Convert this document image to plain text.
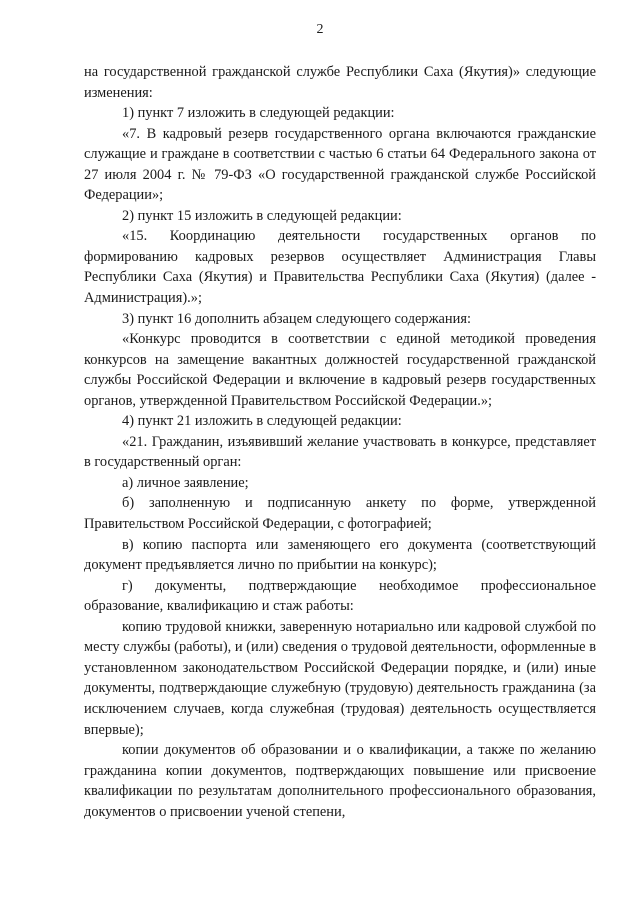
2

на государственной гражданской службе Республики Саха (Якутия)» следующие изменения:

1) пункт 7 изложить в следующей редакции:

«7. В кадровый резерв государственного органа включаются гражданские служащие и граждане в соответствии с частью 6 статьи 64 Федерального закона от 27 июля 2004 г. № 79-ФЗ «О государственной гражданской службе Российской Федерации»;

2) пункт 15 изложить в следующей редакции:

«15. Координацию деятельности государственных органов по формированию кадровых резервов осуществляет Администрация Главы Республики Саха (Якутия) и Правительства Республики Саха (Якутия) (далее - Администрация).»;

3) пункт 16 дополнить абзацем следующего содержания:

«Конкурс проводится в соответствии с единой методикой проведения конкурсов на замещение вакантных должностей государственной гражданской службы Российской Федерации и включение в кадровый резерв государственных органов, утвержденной Правительством Российской Федерации.»;

4) пункт 21 изложить в следующей редакции:

«21. Гражданин, изъявивший желание участвовать в конкурсе, представляет в государственный орган:

а) личное заявление;

б) заполненную и подписанную анкету по форме, утвержденной Правительством Российской Федерации, с фотографией;

в) копию паспорта или заменяющего его документа (соответствующий документ предъявляется лично по прибытии на конкурс);

г) документы, подтверждающие необходимое профессиональное образование, квалификацию и стаж работы:

копию трудовой книжки, заверенную нотариально или кадровой службой по месту службы (работы), и (или) сведения о трудовой деятельности, оформленные в установленном законодательством Российской Федерации порядке, и (или) иные документы, подтверждающие служебную (трудовую) деятельность гражданина (за исключением случаев, когда служебная (трудовая) деятельность осуществляется впервые);

копии документов об образовании и о квалификации, а также по желанию гражданина копии документов, подтверждающих повышение или присвоение квалификации по результатам дополнительного профессионального образования, документов о присвоении ученой степени,
